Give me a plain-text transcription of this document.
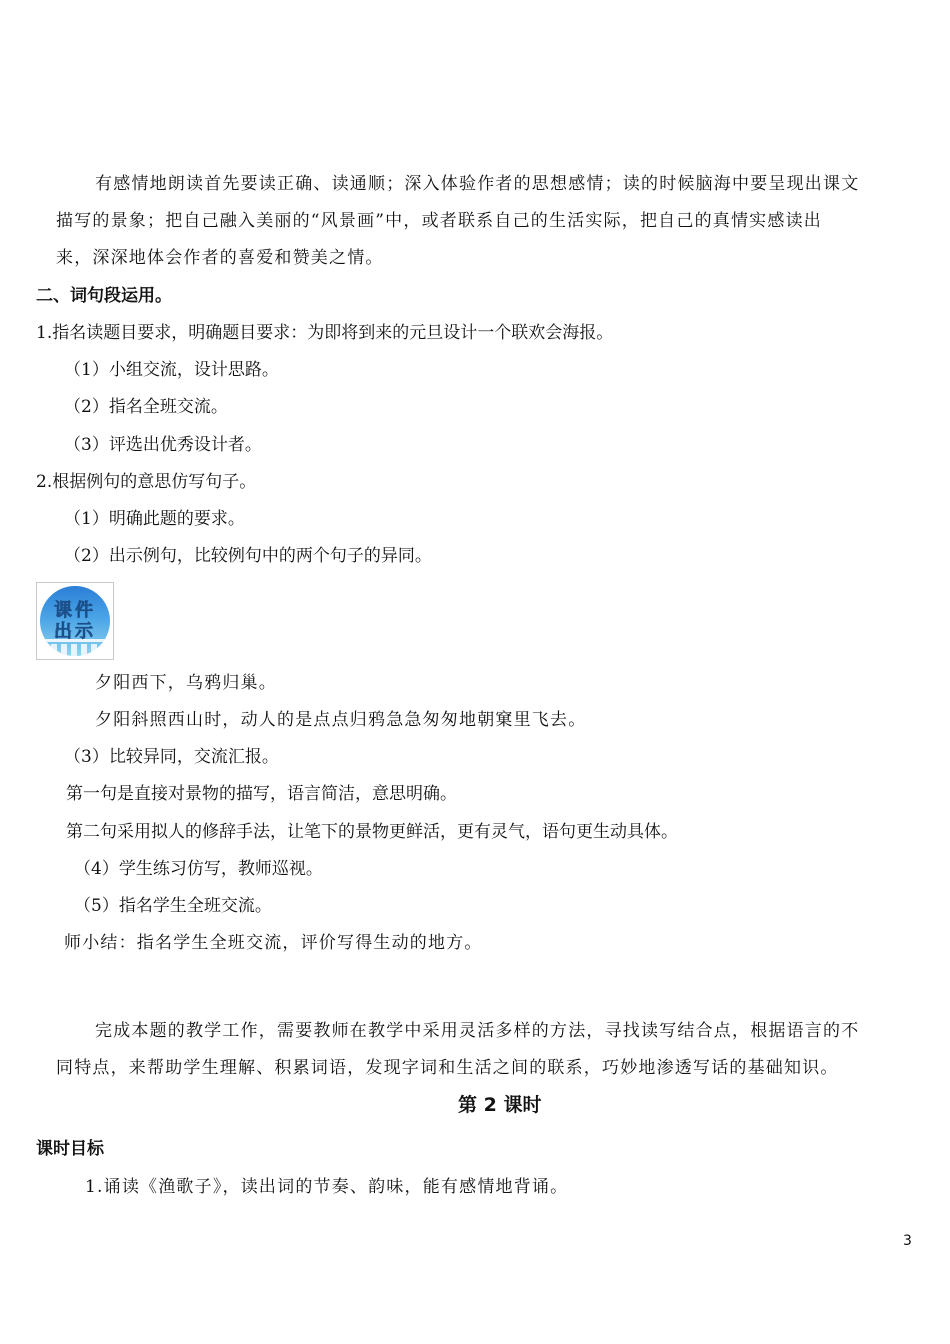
有感情地朗读首先要读正确、读通顺；深入体验作者的思想感情；读的时候脑海中要呈现出课文
描写的景象；把自己融入美丽的“风景画”中，或者联系自己的生活实际，把自己的真情实感读出
来，深深地体会作者的喜爱和赞美之情。
二、词句段运用。
1.指名读题目要求，明确题目要求：为即将到来的元旦设计一个联欢会海报。
（1）小组交流，设计思路。
（2）指名全班交流。
（3）评选出优秀设计者。
2.根据例句的意思仿写句子。
（1）明确此题的要求。
（2）出示例句，比较例句中的两个句子的异同。
课件
出示
夕阳西下，乌鸦归巢。
夕阳斜照西山时，动人的是点点归鸦急急匆匆地朝窠里飞去。
（3）比较异同，交流汇报。
第一句是直接对景物的描写，语言简洁，意思明确。
第二句采用拟人的修辞手法，让笔下的景物更鲜活，更有灵气，语句更生动具体。
（4）学生练习仿写，教师巡视。
（5）指名学生全班交流。
师小结：指名学生全班交流，评价写得生动的地方。
完成本题的教学工作，需要教师在教学中采用灵活多样的方法，寻找读写结合点，根据语言的不
同特点，来帮助学生理解、积累词语，发现字词和生活之间的联系，巧妙地渗透写话的基础知识。
第 2 课时
课时目标
1.诵读《渔歌子》，读出词的节奏、韵味，能有感情地背诵。
3
